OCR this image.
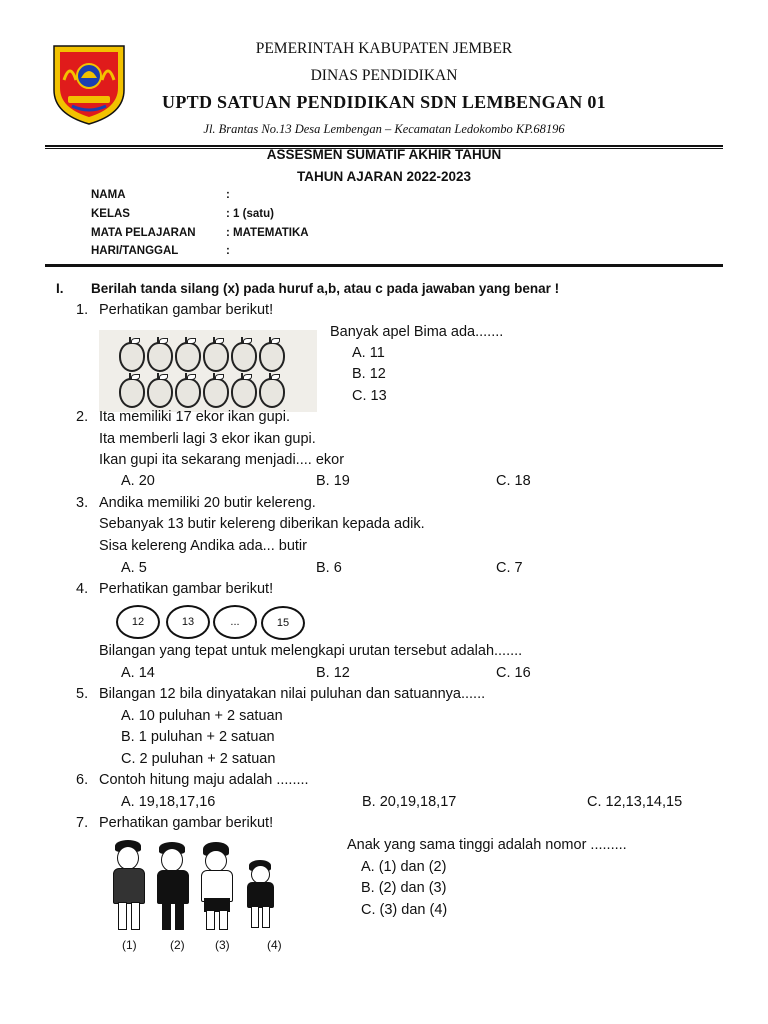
PEMERINTAH KABUPATEN JEMBER
DINAS PENDIDIKAN
UPTD SATUAN PENDIDIKAN SDN LEMBENGAN 01
Jl. Brantas No.13 Desa Lembengan – Kecamatan Ledokombo KP.68196
ASSESMEN SUMATIF AKHIR TAHUN
TAHUN AJARAN 2022-2023
NAMA	:
KELAS	: 1 (satu)
MATA PELAJARAN	: MATEMATIKA
HARI/TANGGAL	:
I. Berilah tanda silang (x) pada huruf a,b, atau c pada jawaban yang benar !
1. Perhatikan gambar berikut!
Banyak apel Bima ada.......
A. 11
B. 12
C. 13
2. Ita memiliki 17 ekor ikan gupi.
Ita memberli lagi 3 ekor ikan gupi.
Ikan gupi ita sekarang menjadi.... ekor
A. 20	B. 19	C. 18
3. Andika memiliki 20 butir kelereng.
Sebanyak 13 butir kelereng diberikan kepada adik.
Sisa kelereng Andika ada... butir
A. 5	B. 6	C. 7
4. Perhatikan gambar berikut!
12	13	...	15
Bilangan yang tepat untuk melengkapi urutan tersebut adalah.......
A. 14	B. 12	C. 16
5. Bilangan 12 bila dinyatakan nilai puluhan dan satuannya......
A. 10 puluhan + 2 satuan
B. 1 puluhan + 2 satuan
C. 2 puluhan + 2 satuan
6. Contoh hitung maju adalah ........
A. 19,18,17,16	B. 20,19,18,17	C. 12,13,14,15
7. Perhatikan gambar berikut!
(1)	(2)	(3)	(4)
Anak yang sama tinggi adalah nomor .........
A. (1) dan (2)
B. (2) dan (3)
C. (3) dan (4)
